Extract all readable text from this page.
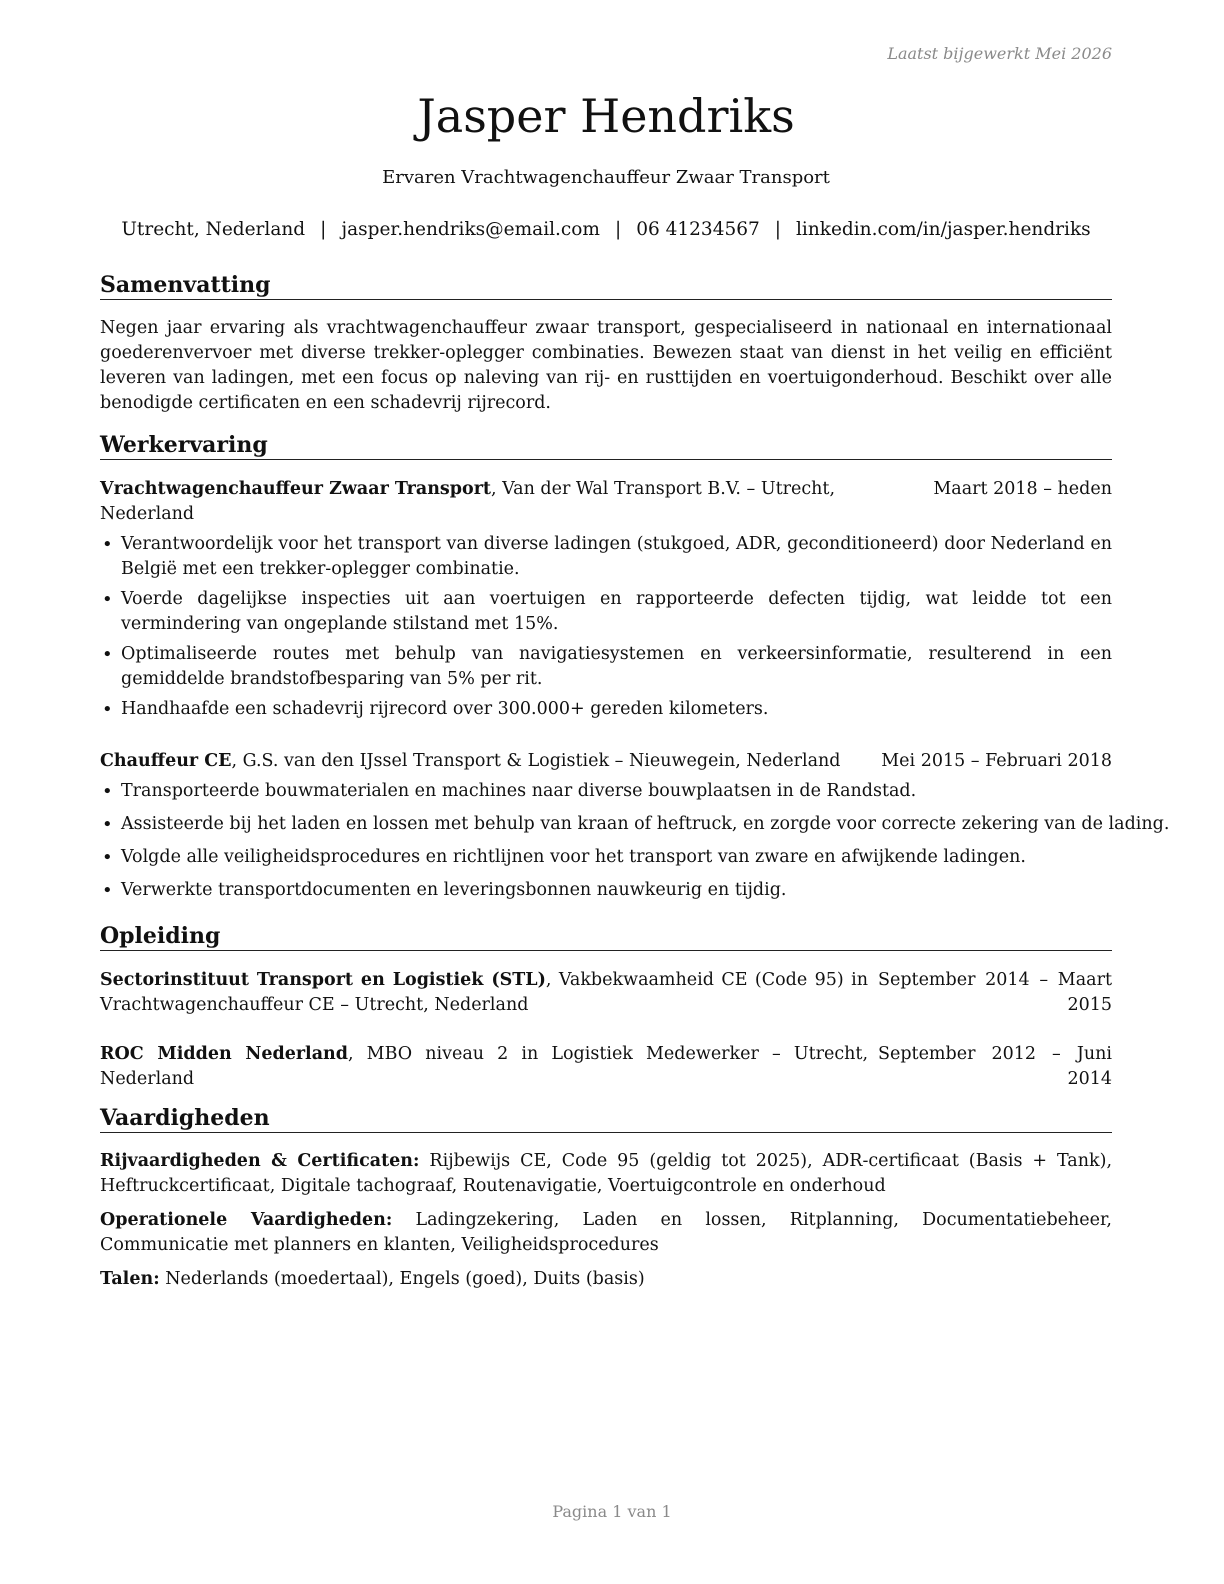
Laatst bijgewerkt Mei 2026
Jasper Hendriks
Ervaren Vrachtwagenchauffeur Zwaar Transport
Utrecht, Nederland | jasper.hendriks@email.com | 06 41234567 | linkedin.com/in/jasper.hendriks
Samenvatting

Negen jaar ervaring als vrachtwagenchauffeur zwaar transport, gespecialiseerd in nationaal en internationaal goederenvervoer met diverse trekker-oplegger combinaties. Bewezen staat van dienst in het veilig en efficiënt leveren van ladingen, met een focus op naleving van rij- en rusttijden en voertuigonderhoud. Beschikt over alle benodigde certificaten en een schadevrij rijrecord.

Werkervaring
Vrachtwagenchauffeur Zwaar Transport, Van der Wal Transport B.V. – Utrecht, Nederland
Maart 2018 – heden
• Verantwoordelijk voor het transport van diverse ladingen (stukgoed, ADR, geconditioneerd) door Nederland en België met een trekker-oplegger combinatie.
• Voerde dagelijkse inspecties uit aan voertuigen en rapporteerde defecten tijdig, wat leidde tot een vermindering van ongeplande stilstand met 15%.
• Optimaliseerde routes met behulp van navigatiesystemen en verkeersinformatie, resulterend in een gemiddelde brandstofbesparing van 5% per rit.
• Handhaafde een schadevrij rijrecord over 300.000+ gereden kilometers.
Chauffeur CE, G.S. van den IJssel Transport & Logistiek – Nieuwegein, Nederland	Mei 2015 – Februari 2018
• Transporteerde bouwmaterialen en machines naar diverse bouwplaatsen in de Randstad.
• Assisteerde bij het laden en lossen met behulp van kraan of heftruck, en zorgde voor correcte zekering van de lading.
• Volgde alle veiligheidsprocedures en richtlijnen voor het transport van zware en afwijkende ladingen.
• Verwerkte transportdocumenten en leveringsbonnen nauwkeurig en tijdig.
Opleiding
Sectorinstituut Transport en Logistiek (STL), Vakbekwaamheid CE (Code 95) in Vrachtwagenchauffeur CE – Utrecht, Nederland
September 2014 – Maart
2015
ROC Midden Nederland, MBO niveau 2 in Logistiek Medewerker – Utrecht, Nederland
September 2012 – Juni
2014
Vaardigheden

Rijvaardigheden & Certificaten: Rijbewijs CE, Code 95 (geldig tot 2025), ADR-certificaat (Basis + Tank), Heftruckcertificaat, Digitale tachograaf, Routenavigatie, Voertuigcontrole en onderhoud

Operationele Vaardigheden: Ladingzekering, Laden en lossen, Ritplanning, Documentatiebeheer, Communicatie met planners en klanten, Veiligheidsprocedures

Talen: Nederlands (moedertaal), Engels (goed), Duits (basis)

Pagina 1 van 1
